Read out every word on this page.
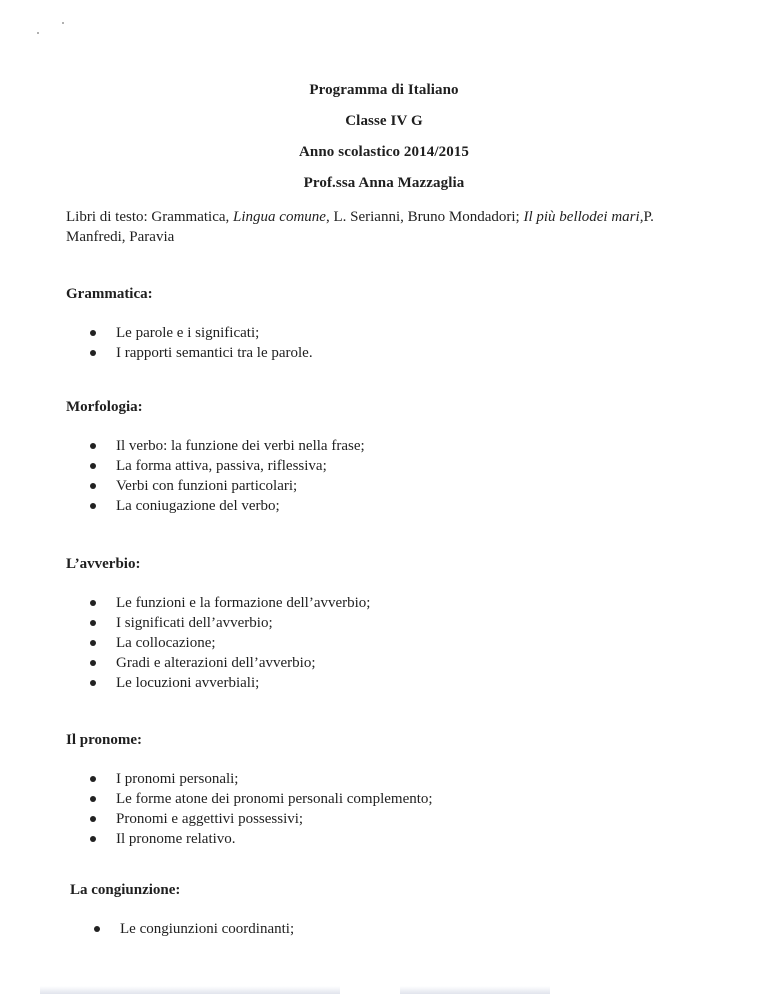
Programma di Italiano
Classe IV G
Anno scolastico 2014/2015
Prof.ssa Anna Mazzaglia
Libri di testo: Grammatica, Lingua comune, L. Serianni, Bruno Mondadori; Il più bellodei mari,P. Manfredi, Paravia
Grammatica:
Le parole e i significati;
I rapporti semantici tra le parole.
Morfologia:
Il verbo: la funzione dei verbi nella frase;
La forma attiva, passiva, riflessiva;
Verbi con funzioni particolari;
La coniugazione del verbo;
L’avverbio:
Le funzioni e la formazione dell’avverbio;
I significati dell’avverbio;
La collocazione;
Gradi e alterazioni dell’avverbio;
Le locuzioni avverbiali;
Il pronome:
I pronomi personali;
Le forme atone dei pronomi personali complemento;
Pronomi e aggettivi possessivi;
Il pronome relativo.
La congiunzione:
Le congiunzioni coordinanti;
